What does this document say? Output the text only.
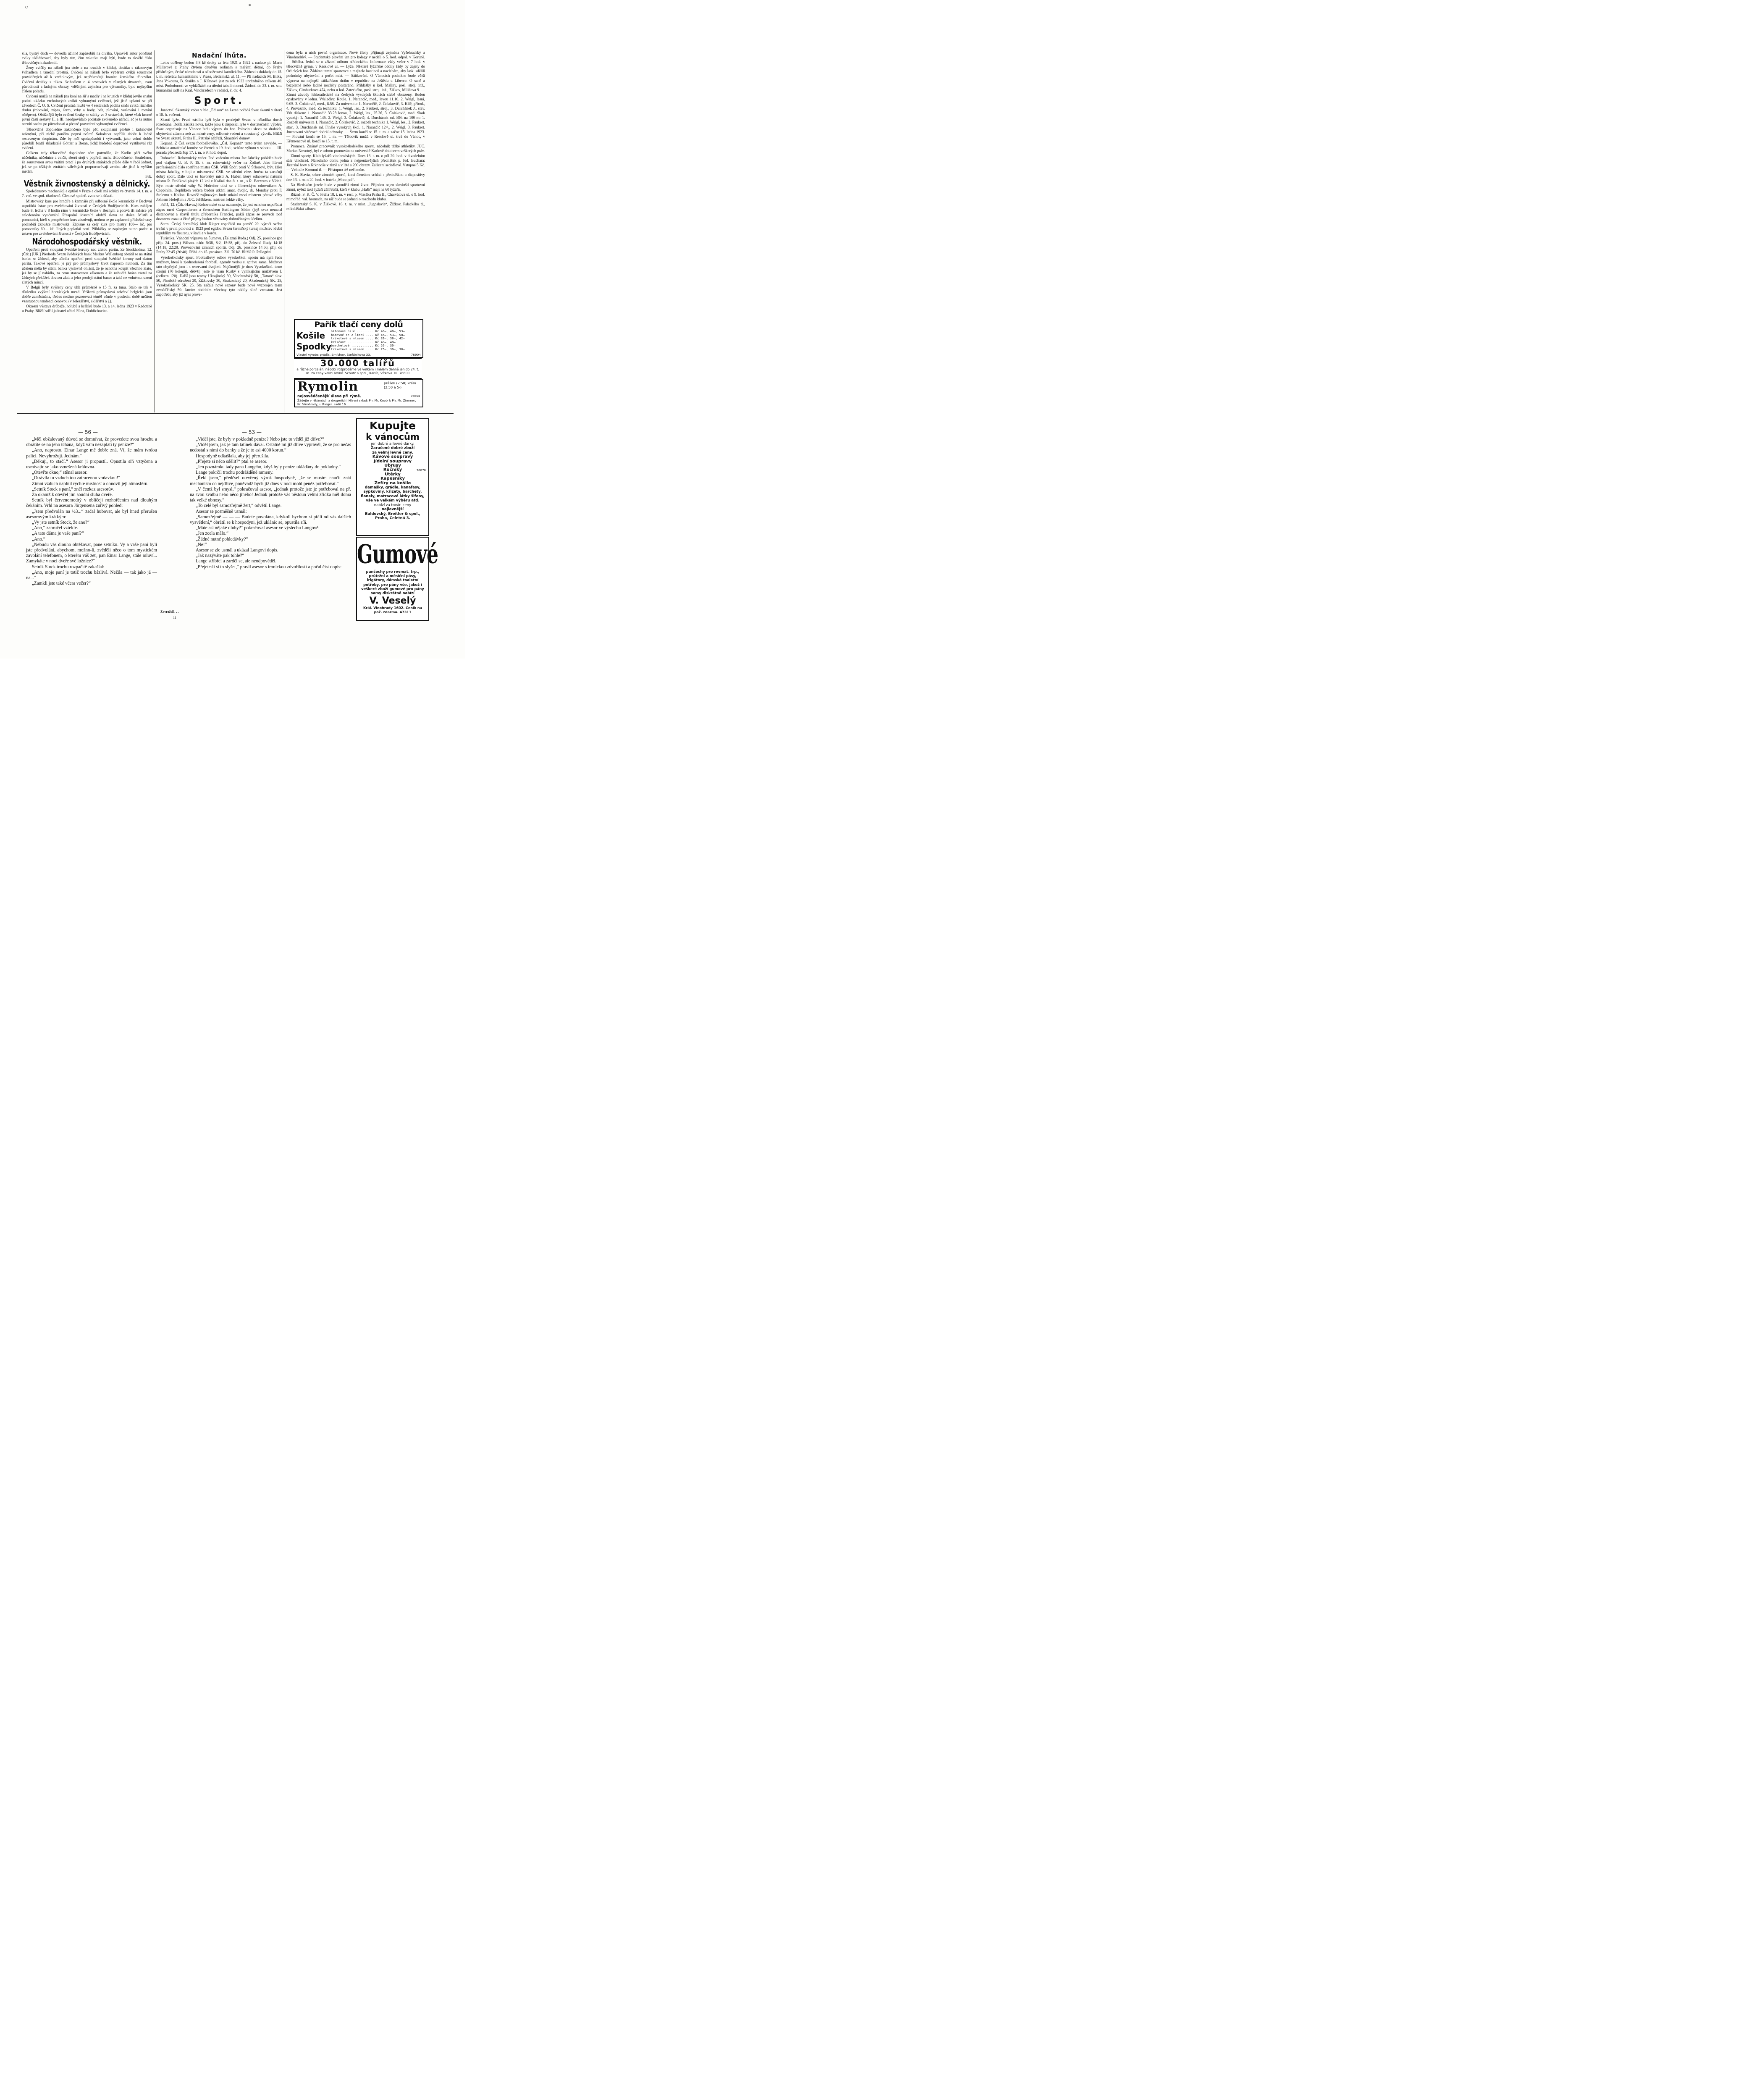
c	*

síla, bystrý duch — dovedla účinně zapůsobiti na diváka. Upraví-li autor poněkud cviky uklidňovací, aby byly tím, čím vskutku mají býti, bude to skvělé číslo tělocvičných akademií.

Ženy cvičily na nářadí (na stole a na kruzích v klidu), desítku s rákosovým švihadlem a taneční prostná. Cvičení na nářadí bylo výběrem cviků soustavně prováděných až k vrcholovým, jež nepřekročují hranice ženského tělocviku. Cvičení desítky s rákos. švihadlem o 4 sestavách v různých útvarech, svou původností a ladnými obrazy, vděčnými zejména pro výtvarníky, bylo nejlepším číslem pořadu.

Cvičení mužů na nářadí (na koni na šíř s madly i na kruzích v klidu) jevilo snahu podati ukázku vrcholových cviků vybranými cvičenci, jež jistě uplatní se při závodech Č. O. S. Cvičení prostná mužů ve 4 sestavách podala směs cviků různého druhu (rohování, zápas, šerm, vrhy a hody, běh, plování, veslování i metání oštěpem). Obtížnější bylo cvičení šestky se stálky ve 3 sestavách, které však kromě první části sestavy II. a III. neodpovídalo podstatě zvoleného nářadí, ač je ta nutno oceniti snahu po původnosti a přesné provedení vybranými cvičenci.

Tělocvičné dopoledne zakončeno bylo pěti skupinami plošně i kuželovitě řešenými, při nichž použito poprsí tvůrců Sokolstva nepříliš dobře k ladně sestaveným skupinám. Zde by měl spolupůsobit i výtvarník, jako velmi dobře působili bratři skladatelé Göttler a Beran, jichž hudební doprovod vystihoval ráz cvičení.

Celkem tedy tělocvičné dopoledne nám potvrdilo, že Karlín pěčí svého náčelníka, náčelnice a cvičit, sborů stojí v popředí ruchu tělocvičného. Soufeženo, že soustavnou svou vnitřní prací i po druhých stránkách půjde dále v řadě jednot, jež se po těžkých ztrátách válečných propracovávají zvolna ale jistě k vyšším metám.

nvk.
Věstník živnostenský a dělnický.

Společenstvo mechaniků a optiků v Praze a okolí má schůzi ve čtvrtek 14. t. m. o 7. več. ve spol. úřadovně. Členové společ. zvou se k účasti.

Mistrovský kurs pro hrnčíře a kamnáře při odborné škole keramické v Bechyni uspořádá ústav pro zvelebování živností v Českých Budějovicích. Kurs zahájen bude 8. ledna v 8 hodin ráno v keramické škole v Bechyni a potrvá tři měsíce při celodenním vyučování. Přespolní účastníci obdrží slevu na dráze. Mistři a pomocníci, kteří s prospěchem kurs absolvují, mohou se po zaplacení příslušné taxy podrobiti zkoušce mistrovské. Zápisné za celý kurs pro mistry 100— kč, pro pomocníky 60— kč. Jiných poplatků není. Přihlášky se zapisným nutno podati u ústavu pro zvelebování živností v Českých Budějovicích.

Národohospodářský věstník.

Opatření proti stoupání švédské koruny nad zlatou paritu. Ze Stockholmu, 12. (Čtk.) [UR.] Předseda Svazu švédských bank Markus Wallenberg obrátil se na státní banku se žádostí, aby učinila opatření proti stoupání švédské koruny nad zlatou paritu. Takové opatření je prý pro průmyslový život naprosto nutností. Za tím účelem měla by státní banka výslovně ohlásit, že je ochotna koupit všechno zlato, jež by se jí nabídlo, za cenu stanovenou zákonem a že nebudiž brána zřetel na žádných překážek dovozu zlata a jeho prodeji státní bance a také ne volnému razení zlatých mincí.

V Belgii byly zvýšeny ceny uhlí průměrně o 15 fr. za tunu. Stalo se tak v důsledku zvýšení horníckých mezd. Veškerá průmyslová odvětví belgická jsou dobře zaměstnána, třebas možno pozorovati téměř všude v poslední době určitou vzestupnou tendenci cenovou (v železářství, sklářství a j.).

Okresní výstava drůbeže, holubů a králíků bude 13. a 14. ledna 1923 v Radotíně u Prahy. Bližší sdělí jednatel učitel Fürst, Dobřichovice.

Nadační lhůta.

Letos uděleny budou 4:8 kč úroky za léta 1921 a 1922 z nadace pí. Marie Müllerové z Prahy čtyřem chudým rodinám s malými dětmi, do Prahy příslušným, české národnosti a náboženství katolického. Žádosti s doklady do 15. t. m. referátu humanitnímu v Praze, Betlemská ul. 11. — Při nadacích M. Bílka, Jana Vokouna, B. Staňka a J. Klímové jest za rok 1922 uprázdněno celkem 40. míst. Podrobnosti ve vyhláškách na úřední tabuli obecní. Žádosti do 23. t. m. soc. humanitní radě na Král. Vinohradech v radnici, č. dv. 4.

Sport.

Junáctví. Skautský večer v bio „Edison“ na Letné pořádá Svaz skautů v úterý o 18. h. večerní.

Skautí lyže. První zásilka lyží byla v prodejně Svazu v několika dnech rozebrána. Došla zásilka nová, takže jsou k disposici lyže v dostatečném výběru. Svaz organisuje na Vánoce řadu výprav do hor. Polovinu slevu na drahách, ubytování zdarma neb za mírné ceny, odborné vedení a soustavný výcvik. Bližší ve Svazu skautů, Praha II., Petrské nábřeží, Skautský domov.

Kopaná. Z Čsl. svazu footballového. „Čsl. Kopaná“ tento týden nevyjde. — Schůzka amatérské komise ve čtvrtek o 19. hod.; schůze výboru v sobotu. — III. porada předsedů žup 17. t. m. o 9. hod. dopol.

Rohování. Rohovnický večer. Pod vedením mistra Joe Jahelky pořádán bude pod vlajkou U. B. P. 15. t. m. rohovnický večer na Žofíně. Jako hlavní profesionální číslo spatříme mistra ČSR. Willi Špörl proti V. Šťkorovi, býv. žáku mistra Jahelky, v boji o mistrovství ČSR. ve střední váze. Jména ta zaručují dobrý sport. Dále utká se bavorský mistr A. Huber, který odnoroval našemu mistru R. Frolíkovi plných 12 kol v Kolíně dne 8. t. m., s R. Berzzem z Vídně. Býv. mistr střední váhy W. Hofreiter utká se s libereckým rohovníkem A. Coppiním. Doplňkem večera budou utkání amat. dvojic, dr. Monday proti F. Stolemu z Kolína. Rovněž zajímavým bude utkání mezi mistrem pérové váhy Johnem Hořejším a JUC. Jeřábkem, mistrem lehké váhy.

Paříž, 12. (Čtk.-Havas.) Rohovnické svaz oznamuje, že jest ochoten uspořádat zápas mezi Carpentierem a černochem Battlingem Sikim (jejž svaz neuznal distancovat a zbavil titulu přeborníka Francie), pakli zápas se provede pod dozorem svazu a čisté příjmy budou věnovány dobročinným účelům.

Šerm. Český šermířský klub Rieger uspořádá na paměť 20. výročí svého trvání v první polovici r. 1923 pod egidou Svazu šermířský turnaj mužstev klubů republiky ve fleuretu, v šavli a v kordu.

Turistika. Vánoční výprava na Šumavu. (Železná Ruda.) Odj. 25. prosince (po příp. 24. pros.) Wilson. nádr. 5:38, 8:2, 15:58, příj. do Železné Rudy 14:18 (14:18, 22:28. Provozování zimních sportů. Odj. 26. prosince 14:50, příj. do Prahy 22:45 (20:40). Přihl. do 15. prosince. Zál. 70 kč. Bližší O. Pellegrini.

Vysokoškolský sport. Footballový odbor vysokoškol. sportu má nyní řadu mužstev, která k zjednodušení football. agendy vedou si správu sama. Mužstva tato obyčejně jsou i s reservami dvojimi. Nejčinnější je dnes Vysokoškol. team strojní (70 kolegů), dětvšij jeste je team Ruský s vynikajícím mužstvem I. (celkem 120). Další jsou teamy Ukrajinský 30, Vinohradský 50, „Tatran“ slov. 50, Plzeňské sdružení 20, Žižkovský 30, Strakonický 20, Akademický SK. 25, Vysokoškolský SK. 25. Sta začala nově sezony bude nově vyzbrojen team zeměďělský 50. Jarním obdobím všechny tyto oddíly silně vzrostou. Jest zapotřebí, aby již nyní prove-

dena byla u nich pevná organisace. Nové členy přijímají zejména Vyšehradský a Vinohradský. — Studentské plování jen pro kolegy v neděli o 5. hod. odpol. v Koruně. — Střelba. Jedná se o zřízení odboru střeleckého. Informace vždy večer v 7 hod. v tělocvičně gymn. v Resslově ul. — Lyže. Některé lyžařské oddíly řády by zajely do Orlických hor. Žádáme tamní sportovce a majitele hostinců a noclehárn, aby lask. sdělili podmínky ubytování a počet míst. — Sáňkování. O Vánocích podnikne bude větší výprava na nejlepší sáňkařskou dráhu v republice na Ještědu u Liberce. O saně a bezplatné nebo laciné noclehy postaráno. Přihlášky u kol. Maliny, posl. stroj. inž., Žižkov, Cimburkova 474, nebo u kol. Zateckého, posl. stroj. inž., Žižkov, Miličova 9. — Zimní závody lehkoatletické na českých vysokých školách slabě obsazeny. Budou opakovány v lednu. Výsledky: Koule. 1. Narančič, med., levou 11.10. 2. Weigl, lesní, 9.05. 3. Čolakovič, med., 8.58. Za universitu: 1. Narančič, 2. Čolakovič, 3. Klíč, přírod., 4. Provaznik, med. Za techniku: 1. Weigl, les., 2. Paukert, stroj., 3. Durchánek J., stav. Vrh diskem: 1. Narančič 33.28 levou, 2. Weigl, les., 25.26, 3. Čolakovič, med. Skok vysoký: 1. Narančič 145, 2. Weigl, 3. Čolakovič, 4. Durchánek ml. Běh na 100 m: 1. Rozběh universita 1. Narančič, 2. Čolakovič. 2. rozběh technika 1. Weigl, les., 2. Paukert, stav., 3. Durchánek ml. Finále vysokých škol. 1. Narančič 12¹/₅, 2. Weigl, 3. Paukert. Jmenovaní vítězové obdrží odznaky. — Šerm končí se 15. t. m. a začne 15. ledna 1923. — Plování končí se 15. t. m. — Tělocvik mužů v Resslově ul. trvá do Vánoc, v Křemencově ul. končí se 15. t. m.

Promoce. Známý pracovník vysokoškolského sportu, náčelník těžké athletiky, JUC. Marian Novotný, byl v sobotu promován na universitě Karlově doktorem veškerých práv.

Zimní sporty. Klub lyžařů vinohradských. Dnes 13. t. m. o půl 20. hod. v divadelním sále vinohrad. Národního domu jedna z nejpoutavějších přednášek p. řed. Buchara: Jizerské hory a Krkonoše v zimě a v létě s 200 obrazy. Zařízení sedadlové. Vstupné 5 Kč. — Vchod z Korunní tř. — Přístupno též nečlenům.

S. K. Slavia, sekce zimních sportů, koná členskou schůzi s přednáškou a diapositivy dne 13. t. m. o 20. hod. v hotelu „Monopol“.

Na Bledském jezeře bude v pondělí zimní život. Přijedou nejen slovinští sportovní zimní, nýbrž také lyžaři záhřebští, kteří v klubu „Hašk“ mají na 60 lyžařů.

Různé. S. K. Č. V. Praha 18. t. m. v rest. p. Vlasáka Praha II., Charvátova ul. o 9. hod. mimořád. val. hromada, na níž bude se jednati o rozchodu klubu.

Studentský S. K. v Žižkově. 16. t. m. v mist. „Jugoslavie“, Žižkov, Palackého tř., mikulášská zábava.

Pařík tlačí ceny dolů
Košile
Spodky
šifonové bílé ......... Kč 40—, 48—, 53—
barevné se 2 límci .... Kč 45—, 53—, 58—
trikotové s vlasem .... Kč 32—, 38—, 42—
kriséové .............. Kč 40—, 48—
barchetové ............ Kč 26—, 30—
trikotové s vlasem .... Kč 25—, 30—, 38—
Vlastní výroba prádla. Smíchov, Štefánikova 33.	76904
30.000 talířů
a různé porcelán. nádobí rozprodáme ve velkém i malém denně jen do 24. t. m. za ceny velmi levné. Schütz a spol., Karlín, Vítkova 10. 76800
Rymolin	prášek (2:50) krém (2:50 a 5-)
nejosvědčenější úleva při rýmě.	76854
Žádejte v lékárnách a drogeriích! Hlavní sklad: Ph. Mr. Knob & Ph. Mr. Zimmer, Kr. Vinohrady, u Rieger. sadů 16.
Kupujte
k vánocům
jen dobré a levné dárky.
Zaručeně dobré zboží
za velmi levné ceny.
Kávové soupravy
Jídelní soupravy
Ubrusy
Ručníky	76878
Utěrky
Kapesníky
Zefíry na košile
damašky, grádle, kanafasy, sypkoviny, křizety, barchety, flanely, matracové látky šifony, vše ve velkém výběru atd.
nabízí za továr. ceny
nejlevnější
Baldovský, Breitler & spol., Praha, Celetná 3.
Gumové
punčochy pro revmat. trp., průtržní a měsíční pásy, irigátory, dámské toaletní potřeby, pro pány vše, jakož i veškeré zboží gumové pro pány samy diskrétně nabízí
V. Veselý
Král. Vinohrady 1602. Ceník na pož. zdarma. 47311
— 56 —	— 53 —

„Měl obžalovaný důvod se domnívat, že provedete svou hrozbu a obrátíte se na jeho tchána, když vám nezaplatí ty peníze?“

„Ano, naprosto. Einar Lange mě dobře zná. Ví, že mám tvrdou palici. Nevyhrožuji. Jednám.“

„Děkuji, to stačí.“ Asesor ji propustil. Opustila síň vztyčena a usmívajíc se jako vznešená královna.

„Otevřte okno,“ stěnal asesor.

„Otrávila tu vzduch tou zatracenou voňavkou!“

Zimní vzduch naplnil rychle místnost a obnovil její atmosféru.

„Setník Stock s paní,“ zněl rozkaz asesorův.

Za okamžik otevřel jim soudní sluha dveře.

Setník byl červenomodrý v obličeji rozhořčením nad dlouhým čekáním. Vrhl na asesora Jörgensena zuřivý pohled:

„Jsem předvolán na ½3...“ začal hubovat, ale byl hned přerušen asesorovým krátkým:

„Vy jste setník Stock, že ano?“

„Ano,“ zabručel vztekle.

„A tato dáma je vaše paní?“

„Ano.“

„Nebudu vás dlouho obtěžovat, pane setníku. Vy a vaše paní byli jste předvoláni, abychom, možno-li, zvěděli něco o tom mystickém zavolání telefonem, o kterém váš zeť, pan Einar Lange, stále mluví... Zamykáte v noci dveře své ložnice?“

Setník Stock trochu rozpačitě zakašlal:

„Ano, moje paní je totiž trochu bázlivá. Nežila — tak jako já — na...“

„Zamkli jste také včera večer?“

Zavraždil. . .
11

„Viděl jste, že byly v pokladně peníze? Nebo jste to věděl již dříve?“

„Viděl jsem, jak je tam tatínek dával. Ostatně mi již dříve vyprávěl, že se pro nečas nedostal s nimi do banky a že je to asi 4000 korun.“

Hospodyně odkašlala, aby jej přerušila.

„Přejete si něco sdělit?“ ptal se asesor.

„Jen poznámku tady pana Langeho, když byly peníze ukládány do pokladny.“

Lange pokrčil trochu podrážděně rameny.

„Řekl jsem,“ předčsel otevřený výrok hospodyně, „že se musím naučit znát mechanism co nejdříve, poněvadž bych již dnes v noci mohl peněz potřebovat.“

„V čemž byl smysl,“ pokračoval asesor, „jednak protože jste je potřeboval na př. na svou svatbu nebo něco jiného! Jednak protože vás pěstoun velmi zřídka měl doma tak velké obnosy.“

„To celé byl samozřejmě žert,“ odvětil Lange.

Asesor se posměšně usmál:

„Samozřejmě — — — Budete povolána, kdykoli bychom si přáli od vás dalších vysvětlení,“ obrátil se k hospodyni, jež ukláníc se, opustila síň.

„Máte asi nějaké dluhy?“ pokračoval asesor ve výslechu Langově.

„Jen zcela málo.“

„Žádné nutné pohledávky?“

„Ne!“

Asesor se zle usmál a ukázal Langovi dopis.

„Jak nazýváte pak tohle?“

Lange stříbřel a zardčl se, ale neodpověděl.

„Přejete-li si to slyšet,“ pravil asesor s ironickou zdvořilostí a počal číst dopis:
